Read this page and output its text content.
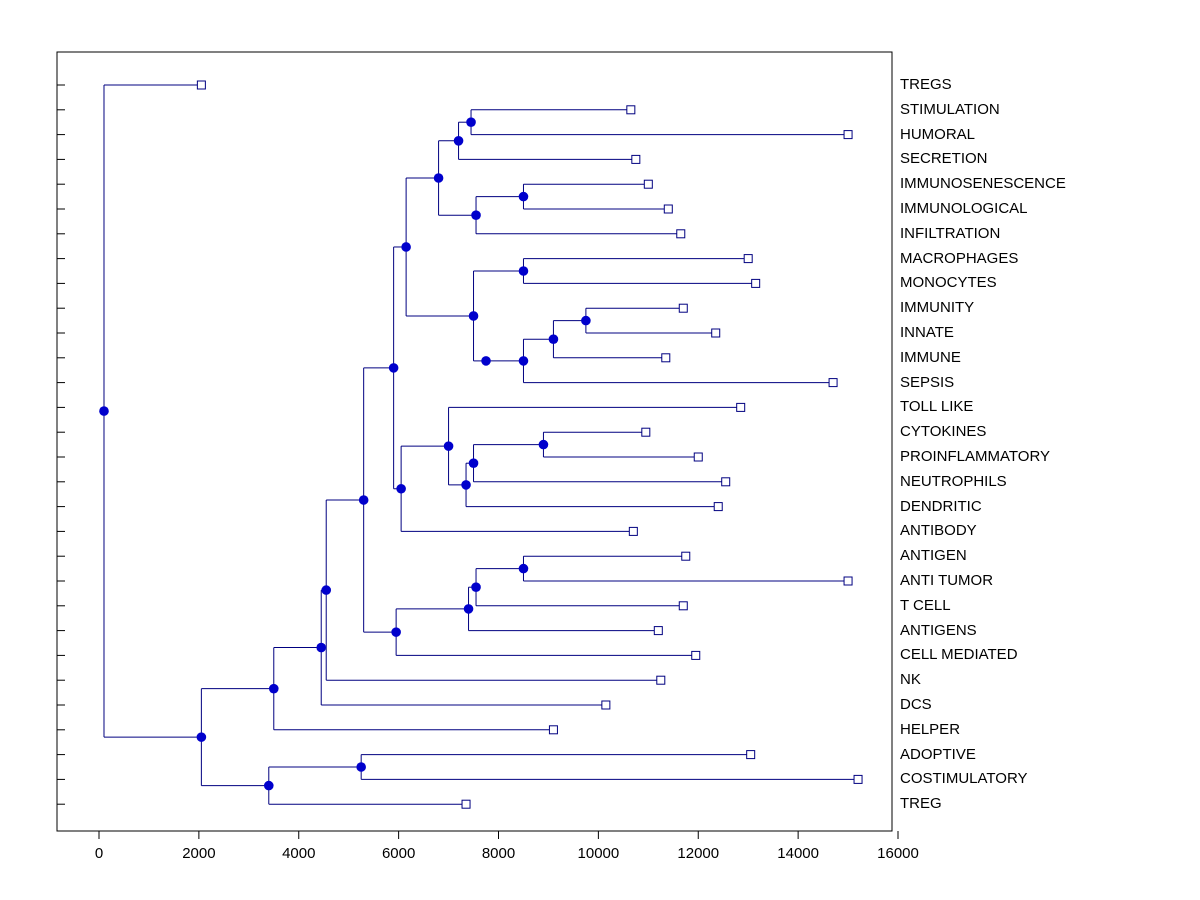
TREGS
STIMULATION
HUMORAL
SECRETION
IMMUNOSENESCENCE
IMMUNOLOGICAL
INFILTRATION
MACROPHAGES
MONOCYTES
IMMUNITY
INNATE
IMMUNE
SEPSIS
TOLL LIKE
CYTOKINES
PROINFLAMMATORY
NEUTROPHILS
DENDRITIC
ANTIBODY
ANTIGEN
ANTI TUMOR
T CELL
ANTIGENS
CELL MEDIATED
NK
DCS
HELPER
ADOPTIVE
COSTIMULATORY
TREG
0	2000	4000	6000	8000	10000	12000	14000	16000
